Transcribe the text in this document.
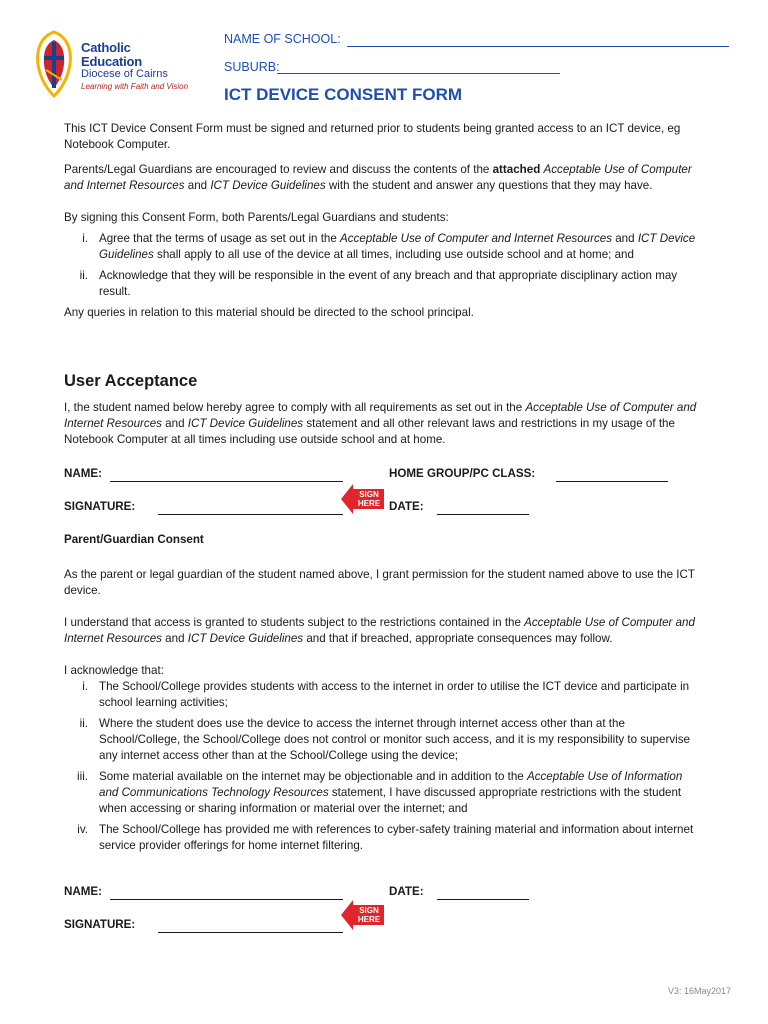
Catholic
Education
Diocese of Cairns
Learning with Faith and Vision
NAME OF SCHOOL:
SUBURB:
ICT DEVICE CONSENT FORM

This ICT Device Consent Form must be signed and returned prior to students being granted access to an ICT device, eg Notebook Computer.

Parents/Legal Guardians are encouraged to review and discuss the contents of the attached Acceptable Use of Computer and Internet Resources and ICT Device Guidelines with the student and answer any questions that they may have.

By signing this Consent Form, both Parents/Legal Guardians and students:

i. Agree that the terms of usage as set out in the Acceptable Use of Computer and Internet Resources and ICT Device Guidelines shall apply to all use of the device at all times, including use outside school and at home; and
ii. Acknowledge that they will be responsible in the event of any breach and that appropriate disciplinary action may result.

Any queries in relation to this material should be directed to the school principal.

User Acceptance

I, the student named below hereby agree to comply with all requirements as set out in the Acceptable Use of Computer and Internet Resources and ICT Device Guidelines statement and all other relevant laws and restrictions in my usage of the Notebook Computer at all times including use outside school and at home.

NAME:	HOME GROUP/PC CLASS:
SIGNATURE:
SIGN
HERE DATE:
Parent/Guardian Consent

As the parent or legal guardian of the student named above, I grant permission for the student named above to use the ICT device.

I understand that access is granted to students subject to the restrictions contained in the Acceptable Use of Computer and Internet Resources and ICT Device Guidelines and that if breached, appropriate consequences may follow.

I acknowledge that:

i. The School/College provides students with access to the internet in order to utilise the ICT device and participate in school learning activities;
ii. Where the student does use the device to access the internet through internet access other than at the School/College, the School/College does not control or monitor such access, and it is my responsibility to supervise any internet access other than at the School/College using the device;
iii. Some material available on the internet may be objectionable and in addition to the Acceptable Use of Information and Communications Technology Resources statement, I have discussed appropriate restrictions with the student when accessing or sharing information or material over the internet; and
iv. The School/College has provided me with references to cyber-safety training material and information about internet service provider offerings for home internet filtering.
NAME:	DATE:
SIGNATURE:
SIGN
HERE
V3: 16May2017
